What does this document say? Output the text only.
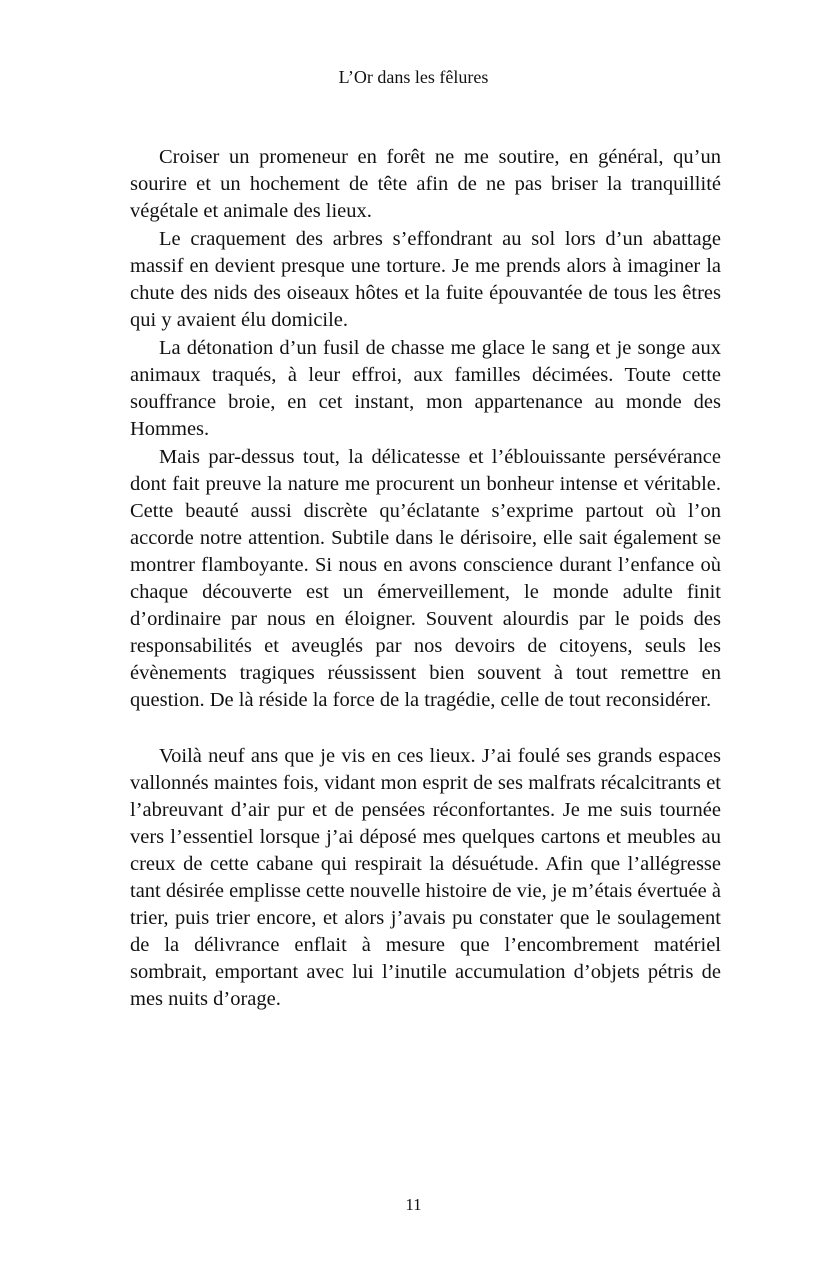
L’Or dans les fêlures

Croiser un promeneur en forêt ne me soutire, en général, qu’un sourire et un hochement de tête afin de ne pas briser la tranquillité végétale et animale des lieux.

Le craquement des arbres s’effondrant au sol lors d’un abattage massif en devient presque une torture. Je me prends alors à imaginer la chute des nids des oiseaux hôtes et la fuite épouvantée de tous les êtres qui y avaient élu domicile.

La détonation d’un fusil de chasse me glace le sang et je songe aux animaux traqués, à leur effroi, aux familles décimées. Toute cette souffrance broie, en cet instant, mon appartenance au monde des Hommes.

Mais par-dessus tout, la délicatesse et l’éblouissante persévérance dont fait preuve la nature me procurent un bonheur intense et véritable. Cette beauté aussi discrète qu’éclatante s’exprime partout où l’on accorde notre attention. Subtile dans le dérisoire, elle sait également se montrer flamboyante. Si nous en avons conscience durant l’enfance où chaque découverte est un émerveillement, le monde adulte finit d’ordinaire par nous en éloigner. Souvent alourdis par le poids des responsabilités et aveuglés par nos devoirs de citoyens, seuls les évènements tragiques réussissent bien souvent à tout remettre en question. De là réside la force de la tragédie, celle de tout reconsidérer.

Voilà neuf ans que je vis en ces lieux. J’ai foulé ses grands espaces vallonnés maintes fois, vidant mon esprit de ses malfrats récalcitrants et l’abreuvant d’air pur et de pensées réconfortantes. Je me suis tournée vers l’essentiel lorsque j’ai déposé mes quelques cartons et meubles au creux de cette cabane qui respirait la désuétude. Afin que l’allégresse tant désirée emplisse cette nouvelle histoire de vie, je m’étais évertuée à trier, puis trier encore, et alors j’avais pu constater que le soulagement de la délivrance enflait à mesure que l’encombrement matériel sombrait, emportant avec lui l’inutile accumulation d’objets pétris de mes nuits d’orage.

11
